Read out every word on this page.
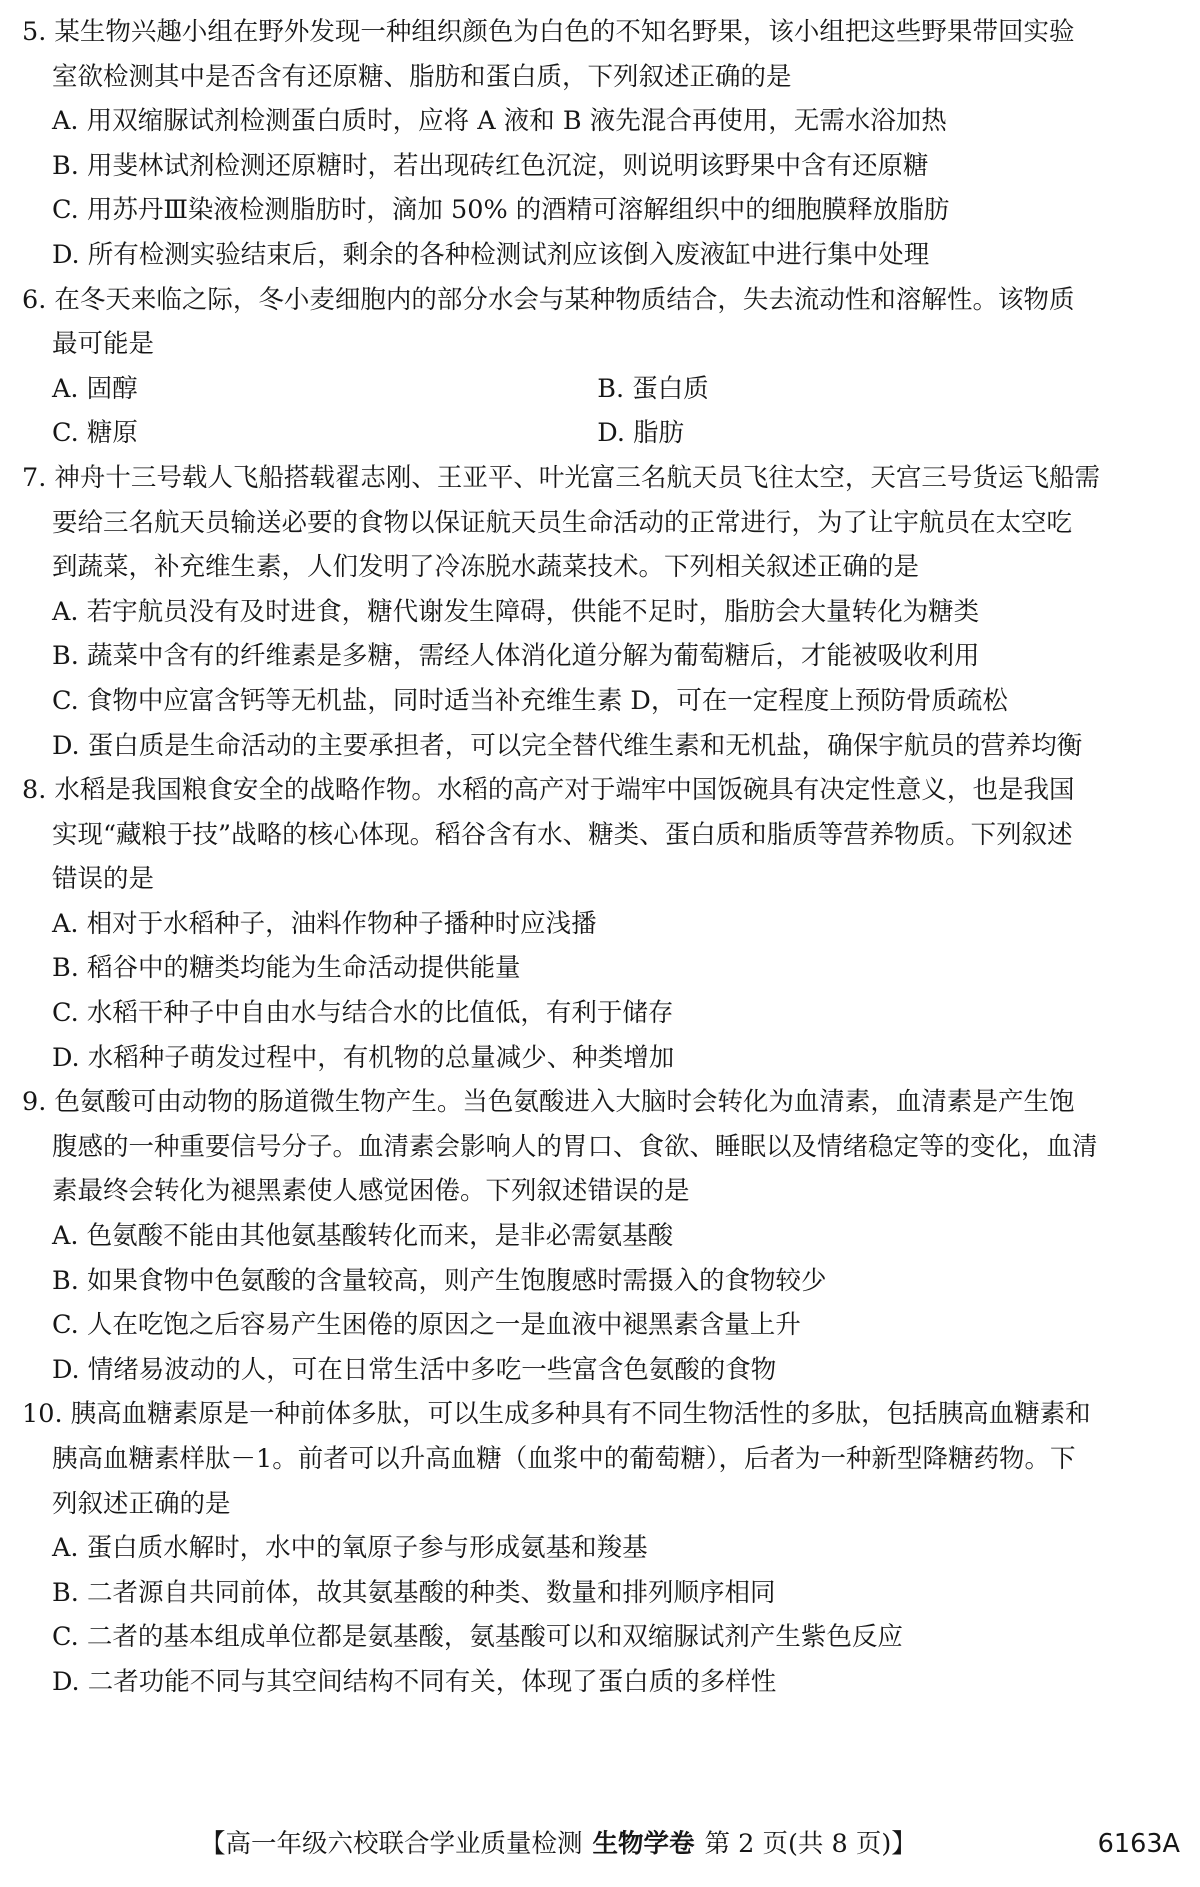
5. 某生物兴趣小组在野外发现一种组织颜色为白色的不知名野果，该小组把这些野果带回实验
室欲检测其中是否含有还原糖、脂肪和蛋白质，下列叙述正确的是
A. 用双缩脲试剂检测蛋白质时，应将 A 液和 B 液先混合再使用，无需水浴加热
B. 用斐林试剂检测还原糖时，若出现砖红色沉淀，则说明该野果中含有还原糖
C. 用苏丹Ⅲ染液检测脂肪时，滴加 50% 的酒精可溶解组织中的细胞膜释放脂肪
D. 所有检测实验结束后，剩余的各种检测试剂应该倒入废液缸中进行集中处理
6. 在冬天来临之际，冬小麦细胞内的部分水会与某种物质结合，失去流动性和溶解性。该物质
最可能是
A. 固醇	B. 蛋白质
C. 糖原	D. 脂肪
7. 神舟十三号载人飞船搭载翟志刚、王亚平、叶光富三名航天员飞往太空，天宫三号货运飞船需
要给三名航天员输送必要的食物以保证航天员生命活动的正常进行，为了让宇航员在太空吃
到蔬菜，补充维生素，人们发明了冷冻脱水蔬菜技术。下列相关叙述正确的是
A. 若宇航员没有及时进食，糖代谢发生障碍，供能不足时，脂肪会大量转化为糖类
B. 蔬菜中含有的纤维素是多糖，需经人体消化道分解为葡萄糖后，才能被吸收利用
C. 食物中应富含钙等无机盐，同时适当补充维生素 D，可在一定程度上预防骨质疏松
D. 蛋白质是生命活动的主要承担者，可以完全替代维生素和无机盐，确保宇航员的营养均衡
8. 水稻是我国粮食安全的战略作物。水稻的高产对于端牢中国饭碗具有决定性意义，也是我国
实现“藏粮于技”战略的核心体现。稻谷含有水、糖类、蛋白质和脂质等营养物质。下列叙述
错误的是
A. 相对于水稻种子，油料作物种子播种时应浅播
B. 稻谷中的糖类均能为生命活动提供能量
C. 水稻干种子中自由水与结合水的比值低，有利于储存
D. 水稻种子萌发过程中，有机物的总量减少、种类增加
9. 色氨酸可由动物的肠道微生物产生。当色氨酸进入大脑时会转化为血清素，血清素是产生饱
腹感的一种重要信号分子。血清素会影响人的胃口、食欲、睡眠以及情绪稳定等的变化，血清
素最终会转化为褪黑素使人感觉困倦。下列叙述错误的是
A. 色氨酸不能由其他氨基酸转化而来，是非必需氨基酸
B. 如果食物中色氨酸的含量较高，则产生饱腹感时需摄入的食物较少
C. 人在吃饱之后容易产生困倦的原因之一是血液中褪黑素含量上升
D. 情绪易波动的人，可在日常生活中多吃一些富含色氨酸的食物
10. 胰高血糖素原是一种前体多肽，可以生成多种具有不同生物活性的多肽，包括胰高血糖素和
胰高血糖素样肽－1。前者可以升高血糖（血浆中的葡萄糖），后者为一种新型降糖药物。下
列叙述正确的是
A. 蛋白质水解时，水中的氧原子参与形成氨基和羧基
B. 二者源自共同前体，故其氨基酸的种类、数量和排列顺序相同
C. 二者的基本组成单位都是氨基酸，氨基酸可以和双缩脲试剂产生紫色反应
D. 二者功能不同与其空间结构不同有关，体现了蛋白质的多样性
【高一年级六校联合学业质量检测 生物学卷 第 2 页(共 8 页)】	6163A
